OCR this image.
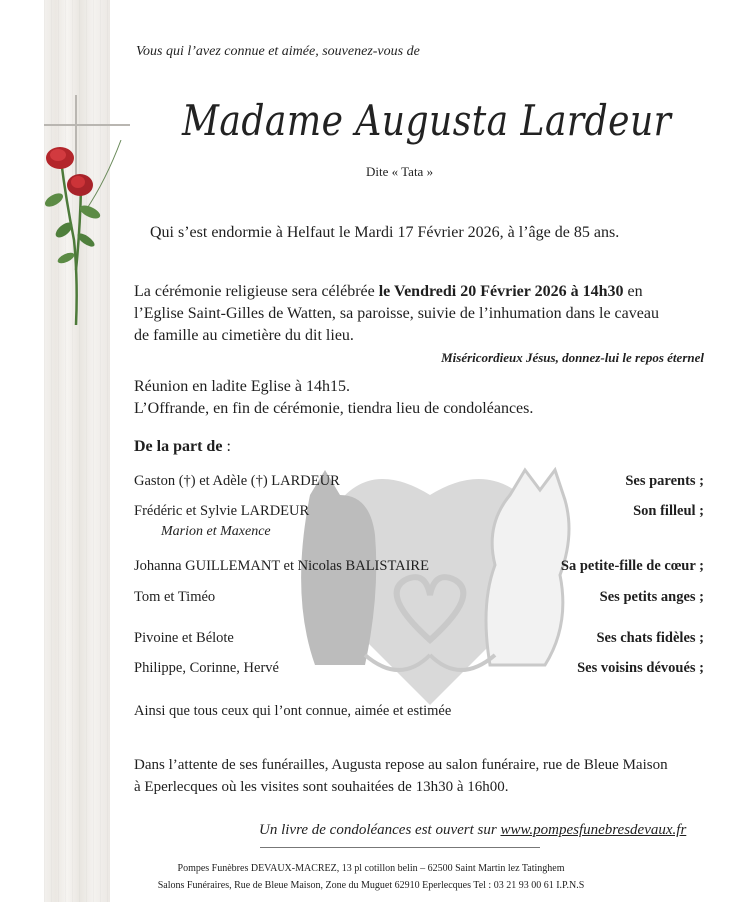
Vous qui l’avez connue et aimée, souvenez-vous de
Madame Augusta Lardeur
Dite « Tata »
Qui s’est endormie à Helfaut le Mardi 17 Février 2026, à l’âge de 85 ans.
La cérémonie religieuse sera célébrée le Vendredi 20 Février 2026 à 14h30 en
l’Eglise Saint-Gilles de Watten, sa paroisse, suivie de l’inhumation dans le caveau
de famille au cimetière du dit lieu.
Miséricordieux Jésus, donnez-lui le repos éternel
Réunion en ladite Eglise à 14h15.
L’Offrande, en fin de cérémonie, tiendra lieu de condoléances.
De la part de :
Gaston (†) et Adèle (†) LARDEUR	Ses parents ;
Frédéric et Sylvie LARDEUR	Son filleul ;
Marion et Maxence
Johanna GUILLEMANT et Nicolas BALISTAIRE	Sa petite-fille de cœur ;
Tom et Timéo	Ses petits anges ;
Pivoine et Bélote	Ses chats fidèles ;
Philippe, Corinne, Hervé	Ses voisins dévoués ;
Ainsi que tous ceux qui l’ont connue, aimée et estimée
Dans l’attente de ses funérailles, Augusta repose au salon funéraire, rue de Bleue Maison
à Eperlecques où les visites sont souhaitées de 13h30 à 16h00.
Un livre de condoléances est ouvert sur www.pompesfunebresdevaux.fr
Pompes Funèbres DEVAUX-MACREZ, 13 pl cotillon belin – 62500 Saint Martin lez Tatinghem
Salons Funéraires, Rue de Bleue Maison, Zone du Muguet 62910 Eperlecques Tel : 03 21 93 00 61 I.P.N.S
